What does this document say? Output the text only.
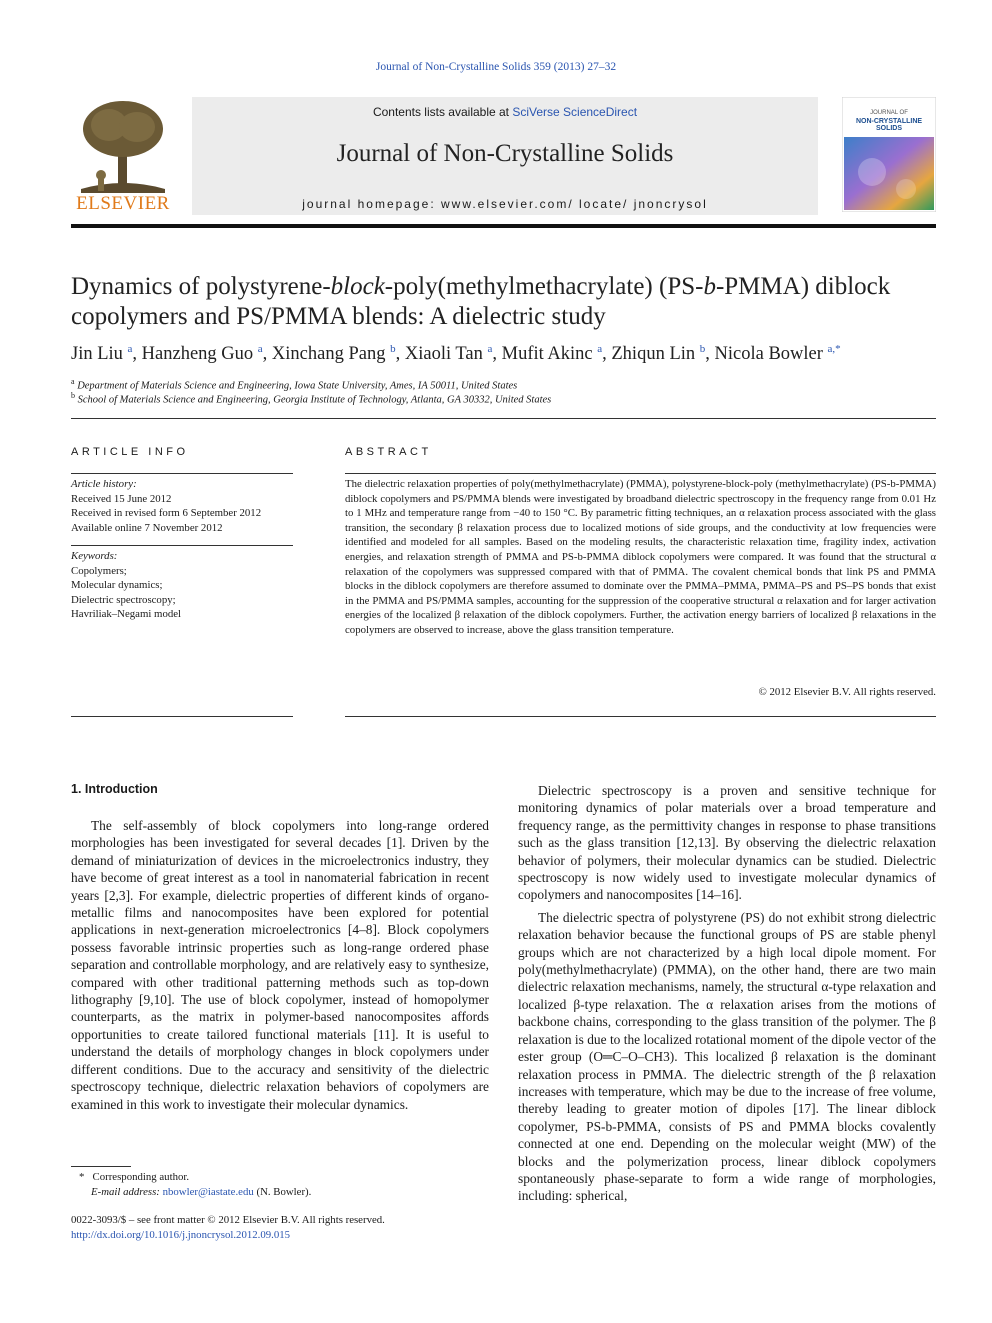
Journal of Non-Crystalline Solids 359 (2013) 27–32
ELSEVIER
Contents lists available at SciVerse ScienceDirect
Journal of Non-Crystalline Solids
journal homepage: www.elsevier.com/ locate/ jnoncrysol
JOURNAL OF
NON-CRYSTALLINE SOLIDS
Dynamics of polystyrene-block-poly(methylmethacrylate) (PS-b-PMMA) diblock copolymers and PS/PMMA blends: A dielectric study
Jin Liu $^a$, Hanzheng Guo $^a$, Xinchang Pang $^b$, Xiaoli Tan $^a$, Mufit Akinc $^a$, Zhiqun Lin $^b$, Nicola Bowler $^{a,*}$
$^a$ Department of Materials Science and Engineering, Iowa State University, Ames, IA 50011, United States
$^b$ School of Materials Science and Engineering, Georgia Institute of Technology, Atlanta, GA 30332, United States
ARTICLE INFO	ABSTRACT
Article history:
Received 15 June 2012
Received in revised form 6 September 2012
Available online 7 November 2012
Keywords:
Copolymers;
Molecular dynamics;
Dielectric spectroscopy;
Havriliak–Negami model
The dielectric relaxation properties of poly(methylmethacrylate) (PMMA), polystyrene-block-poly (methylmethacrylate) (PS-b-PMMA) diblock copolymers and PS/PMMA blends were investigated by broadband dielectric spectroscopy in the frequency range from 0.01 Hz to 1 MHz and temperature range from −40 to 150 °C. By parametric fitting techniques, an α relaxation process associated with the glass transition, the secondary β relaxation process due to localized motions of side groups, and the conductivity at low frequencies were identified and modeled for all samples. Based on the modeling results, the characteristic relaxation time, fragility index, activation energies, and relaxation strength of PMMA and PS-b-PMMA diblock copolymers were compared. It was found that the structural α relaxation of the copolymers was suppressed compared with that of PMMA. The covalent chemical bonds that link PS and PMMA blocks in the diblock copolymers are therefore assumed to dominate over the PMMA–PMMA, PMMA–PS and PS–PS bonds that exist in the PMMA and PS/PMMA samples, accounting for the suppression of the cooperative structural α relaxation and for larger activation energies of the localized β relaxation of the diblock copolymers. Further, the activation energy barriers of localized β relaxations in the copolymers are observed to increase, above the glass transition temperature.
© 2012 Elsevier B.V. All rights reserved.
1. Introduction

The self-assembly of block copolymers into long-range ordered morphologies has been investigated for several decades [1]. Driven by the demand of miniaturization of devices in the microelectronics industry, they have become of great interest as a tool in nanomaterial fabrication in recent years [2,3]. For example, dielectric properties of different kinds of organo-metallic films and nanocomposites have been explored for potential applications in next-generation microelectronics [4–8]. Block copolymers possess favorable intrinsic properties such as long-range ordered phase separation and controllable morphology, and are relatively easy to synthesize, compared with other traditional patterning methods such as top-down lithography [9,10]. The use of block copolymer, instead of homopolymer counterparts, as the matrix in polymer-based nanocomposites affords opportunities to create tailored functional materials [11]. It is useful to understand the details of morphology changes in block copolymers under different conditions. Due to the accuracy and sensitivity of the dielectric spectroscopy technique, dielectric relaxation behaviors of copolymers are examined in this work to investigate their molecular dynamics.

Dielectric spectroscopy is a proven and sensitive technique for monitoring dynamics of polar materials over a broad temperature and frequency range, as the permittivity changes in response to phase transitions such as the glass transition [12,13]. By observing the dielectric relaxation behavior of polymers, their molecular dynamics can be studied. Dielectric spectroscopy is now widely used to investigate molecular dynamics of copolymers and nanocomposites [14–16].

The dielectric spectra of polystyrene (PS) do not exhibit strong dielectric relaxation behavior because the functional groups of PS are stable phenyl groups which are not characterized by a high local dipole moment. For poly(methylmethacrylate) (PMMA), on the other hand, there are two main dielectric relaxation mechanisms, namely, the structural α-type relaxation and localized β-type relaxation. The α relaxation arises from the motions of backbone chains, corresponding to the glass transition of the polymer. The β relaxation is due to the localized rotational moment of the dipole vector of the ester group (O═C–O–CH3). This localized β relaxation is the dominant relaxation process in PMMA. The dielectric strength of the β relaxation increases with temperature, which may be due to the increase of free volume, thereby leading to greater motion of dipoles [17]. The linear diblock copolymer, PS-b-PMMA, consists of PS and PMMA blocks covalently connected at one end. Depending on the molecular weight (MW) of the blocks and the polymerization process, linear diblock copolymers spontaneously phase-separate to form a wide range of morphologies, including: spherical,

* Corresponding author.
E-mail address: nbowler@iastate.edu (N. Bowler).
0022-3093/$ – see front matter © 2012 Elsevier B.V. All rights reserved.
http://dx.doi.org/10.1016/j.jnoncrysol.2012.09.015
